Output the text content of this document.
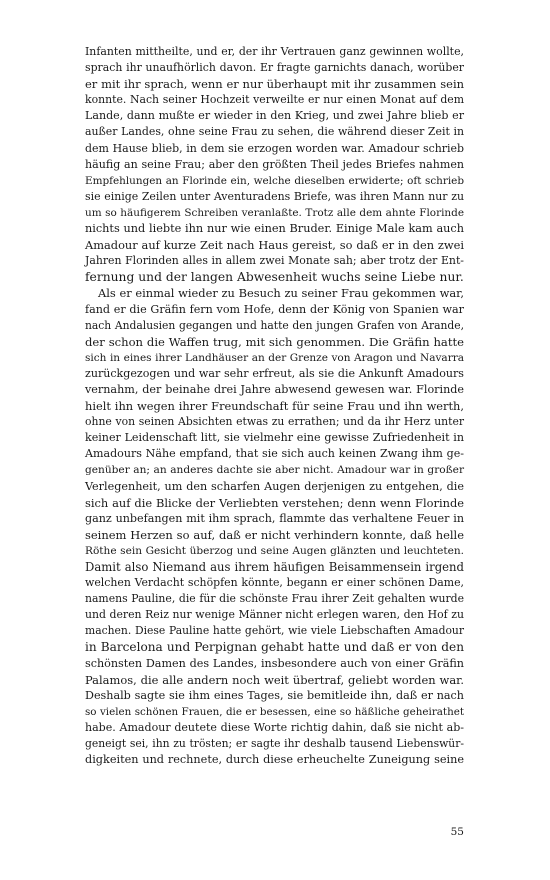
Infanten mittheilte, und er, der ihr Vertrauen ganz gewinnen wollte,
sprach ihr unaufhörlich davon. Er fragte garnichts danach, worüber
er mit ihr sprach, wenn er nur überhaupt mit ihr zusammen sein
konnte. Nach seiner Hochzeit verweilte er nur einen Monat auf dem
Lande, dann mußte er wieder in den Krieg, und zwei Jahre blieb er
außer Landes, ohne seine Frau zu sehen, die während dieser Zeit in
dem Hause blieb, in dem sie erzogen worden war. Amadour schrieb
häufig an seine Frau; aber den größten Theil jedes Briefes nahmen
Empfehlungen an Florinde ein, welche dieselben erwiderte; oft schrieb
sie einige Zeilen unter Aventuradens Briefe, was ihren Mann nur zu
um so häufigerem Schreiben veranlaßte. Trotz alle dem ahnte Florinde
nichts und liebte ihn nur wie einen Bruder. Einige Male kam auch
Amadour auf kurze Zeit nach Haus gereist, so daß er in den zwei
Jahren Florinden alles in allem zwei Monate sah; aber trotz der Ent-
fernung und der langen Abwesenheit wuchs seine Liebe nur.
Als er einmal wieder zu Besuch zu seiner Frau gekommen war,
fand er die Gräfin fern vom Hofe, denn der König von Spanien war
nach Andalusien gegangen und hatte den jungen Grafen von Arande,
der schon die Waffen trug, mit sich genommen. Die Gräfin hatte
sich in eines ihrer Landhäuser an der Grenze von Aragon und Navarra
zurückgezogen und war sehr erfreut, als sie die Ankunft Amadours
vernahm, der beinahe drei Jahre abwesend gewesen war. Florinde
hielt ihn wegen ihrer Freundschaft für seine Frau und ihn werth,
ohne von seinen Absichten etwas zu errathen; und da ihr Herz unter
keiner Leidenschaft litt, sie vielmehr eine gewisse Zufriedenheit in
Amadours Nähe empfand, that sie sich auch keinen Zwang ihm ge-
genüber an; an anderes dachte sie aber nicht. Amadour war in großer
Verlegenheit, um den scharfen Augen derjenigen zu entgehen, die
sich auf die Blicke der Verliebten verstehen; denn wenn Florinde
ganz unbefangen mit ihm sprach, flammte das verhaltene Feuer in
seinem Herzen so auf, daß er nicht verhindern konnte, daß helle
Röthe sein Gesicht überzog und seine Augen glänzten und leuchteten.
Damit also Niemand aus ihrem häufigen Beisammensein irgend
welchen Verdacht schöpfen könnte, begann er einer schönen Dame,
namens Pauline, die für die schönste Frau ihrer Zeit gehalten wurde
und deren Reiz nur wenige Männer nicht erlegen waren, den Hof zu
machen. Diese Pauline hatte gehört, wie viele Liebschaften Amadour
in Barcelona und Perpignan gehabt hatte und daß er von den
schönsten Damen des Landes, insbesondere auch von einer Gräfin
Palamos, die alle andern noch weit übertraf, geliebt worden war.
Deshalb sagte sie ihm eines Tages, sie bemitleide ihn, daß er nach
so vielen schönen Frauen, die er besessen, eine so häßliche geheirathet
habe. Amadour deutete diese Worte richtig dahin, daß sie nicht ab-
geneigt sei, ihn zu trösten; er sagte ihr deshalb tausend Liebenswür-
digkeiten und rechnete, durch diese erheuchelte Zuneigung seine
55
